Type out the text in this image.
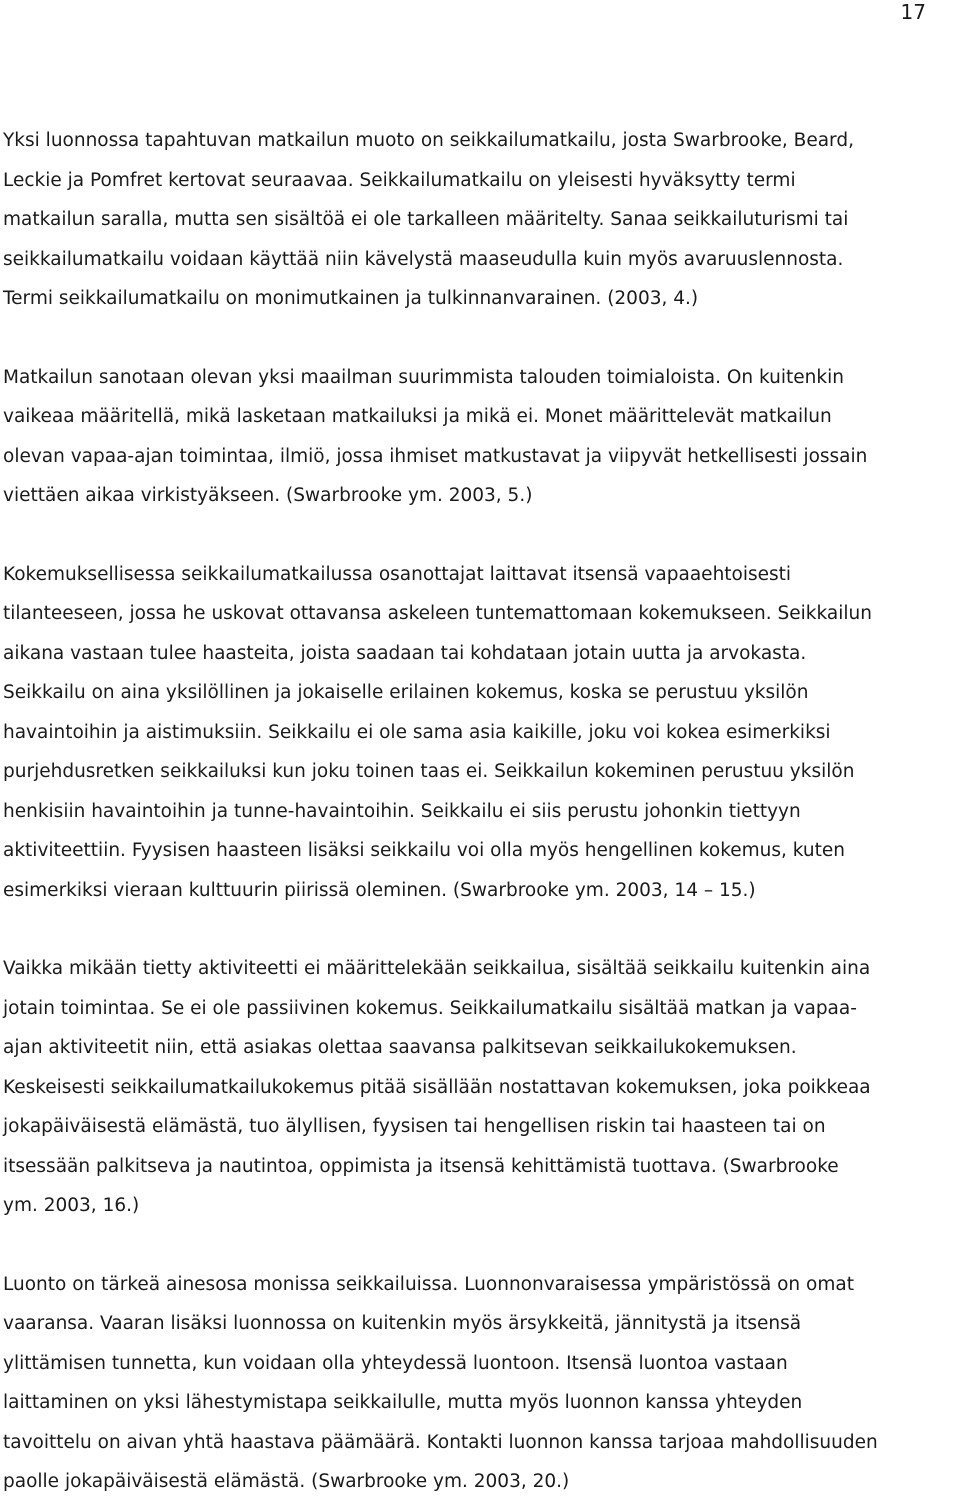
17

Yksi luonnossa tapahtuvan matkailun muoto on seikkailumatkailu, josta Swarbrooke, Beard,
Leckie ja Pomfret kertovat seuraavaa. Seikkailumatkailu on yleisesti hyväksytty termi
matkailun saralla, mutta sen sisältöä ei ole tarkalleen määritelty. Sanaa seikkailuturismi tai
seikkailumatkailu voidaan käyttää niin kävelystä maaseudulla kuin myös avaruuslennosta.
Termi seikkailumatkailu on monimutkainen ja tulkinnanvarainen. (2003, 4.)

Matkailun sanotaan olevan yksi maailman suurimmista talouden toimialoista. On kuitenkin
vaikeaa määritellä, mikä lasketaan matkailuksi ja mikä ei. Monet määrittelevät matkailun
olevan vapaa-ajan toimintaa, ilmiö, jossa ihmiset matkustavat ja viipyvät hetkellisesti jossain
viettäen aikaa virkistyäkseen. (Swarbrooke ym. 2003, 5.)

Kokemuksellisessa seikkailumatkailussa osanottajat laittavat itsensä vapaaehtoisesti
tilanteeseen, jossa he uskovat ottavansa askeleen tuntemattomaan kokemukseen. Seikkailun
aikana vastaan tulee haasteita, joista saadaan tai kohdataan jotain uutta ja arvokasta.
Seikkailu on aina yksilöllinen ja jokaiselle erilainen kokemus, koska se perustuu yksilön
havaintoihin ja aistimuksiin. Seikkailu ei ole sama asia kaikille, joku voi kokea esimerkiksi
purjehdusretken seikkailuksi kun joku toinen taas ei. Seikkailun kokeminen perustuu yksilön
henkisiin havaintoihin ja tunne-havaintoihin. Seikkailu ei siis perustu johonkin tiettyyn
aktiviteettiin. Fyysisen haasteen lisäksi seikkailu voi olla myös hengellinen kokemus, kuten
esimerkiksi vieraan kulttuurin piirissä oleminen. (Swarbrooke ym. 2003, 14 – 15.)

Vaikka mikään tietty aktiviteetti ei määrittelekään seikkailua, sisältää seikkailu kuitenkin aina
jotain toimintaa. Se ei ole passiivinen kokemus. Seikkailumatkailu sisältää matkan ja vapaa-
ajan aktiviteetit niin, että asiakas olettaa saavansa palkitsevan seikkailukokemuksen.
Keskeisesti seikkailumatkailukokemus pitää sisällään nostattavan kokemuksen, joka poikkeaa
jokapäiväisestä elämästä, tuo älyllisen, fyysisen tai hengellisen riskin tai haasteen tai on
itsessään palkitseva ja nautintoa, oppimista ja itsensä kehittämistä tuottava. (Swarbrooke
ym. 2003, 16.)

Luonto on tärkeä ainesosa monissa seikkailuissa. Luonnonvaraisessa ympäristössä on omat
vaaransa. Vaaran lisäksi luonnossa on kuitenkin myös ärsykkeitä, jännitystä ja itsensä
ylittämisen tunnetta, kun voidaan olla yhteydessä luontoon. Itsensä luontoa vastaan
laittaminen on yksi lähestymistapa seikkailulle, mutta myös luonnon kanssa yhteyden
tavoittelu on aivan yhtä haastava päämäärä. Kontakti luonnon kanssa tarjoaa mahdollisuuden
paolle jokapäiväisestä elämästä. (Swarbrooke ym. 2003, 20.)
